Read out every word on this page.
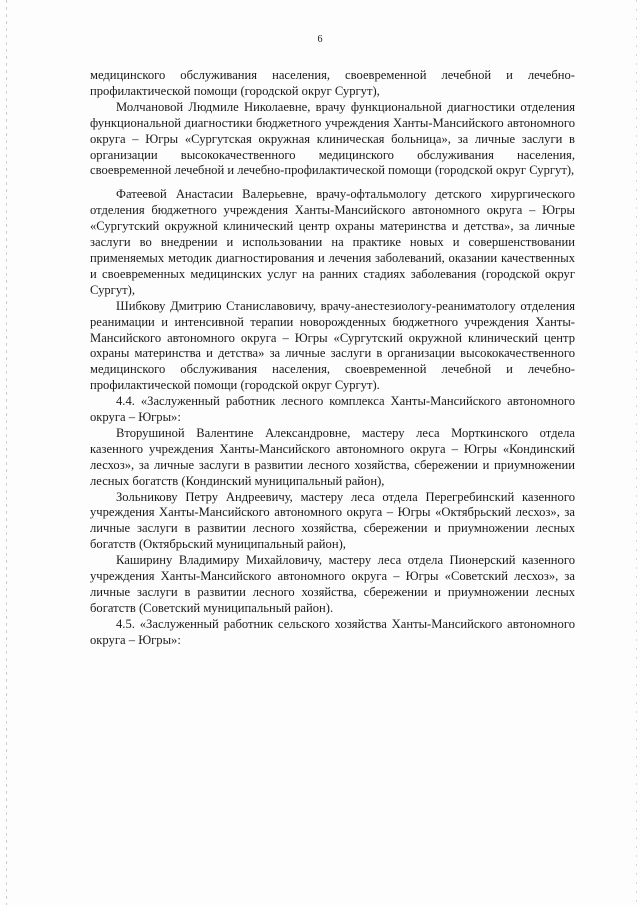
6

медицинского обслуживания населения, своевременной лечебной и лечебно-профилактической помощи (городской округ Сургут),

Молчановой Людмиле Николаевне, врачу функциональной диагностики отделения функциональной диагностики бюджетного учреждения Ханты-Мансийского автономного округа – Югры «Сургутская окружная клиническая больница», за личные заслуги в организации высококачественного медицинского обслуживания населения, своевременной лечебной и лечебно-профилактической помощи (городской округ Сургут),

Фатеевой Анастасии Валерьевне, врачу-офтальмологу детского хирургического отделения бюджетного учреждения Ханты-Мансийского автономного округа – Югры «Сургутский окружной клинический центр охраны материнства и детства», за личные заслуги во внедрении и использовании на практике новых и совершенствовании применяемых методик диагностирования и лечения заболеваний, оказании качественных и своевременных медицинских услуг на ранних стадиях заболевания (городской округ Сургут),

Шибкову Дмитрию Станиславовичу, врачу-анестезиологу-реаниматологу отделения реанимации и интенсивной терапии новорожденных бюджетного учреждения Ханты-Мансийского автономного округа – Югры «Сургутский окружной клинический центр охраны материнства и детства» за личные заслуги в организации высококачественного медицинского обслуживания населения, своевременной лечебной и лечебно-профилактической помощи (городской округ Сургут).

4.4. «Заслуженный работник лесного комплекса Ханты-Мансийского автономного округа – Югры»:

Вторушиной Валентине Александровне, мастеру леса Морткинского отдела казенного учреждения Ханты-Мансийского автономного округа – Югры «Кондинский лесхоз», за личные заслуги в развитии лесного хозяйства, сбережении и приумножении лесных богатств (Кондинский муниципальный район),

Зольникову Петру Андреевичу, мастеру леса отдела Перегребинский казенного учреждения Ханты-Мансийского автономного округа – Югры «Октябрьский лесхоз», за личные заслуги в развитии лесного хозяйства, сбережении и приумножении лесных богатств (Октябрьский муниципальный район),

Каширину Владимиру Михайловичу, мастеру леса отдела Пионерский казенного учреждения Ханты-Мансийского автономного округа – Югры «Советский лесхоз», за личные заслуги в развитии лесного хозяйства, сбережении и приумножении лесных богатств (Советский муниципальный район).

4.5. «Заслуженный работник сельского хозяйства Ханты-Мансийского автономного округа – Югры»:
